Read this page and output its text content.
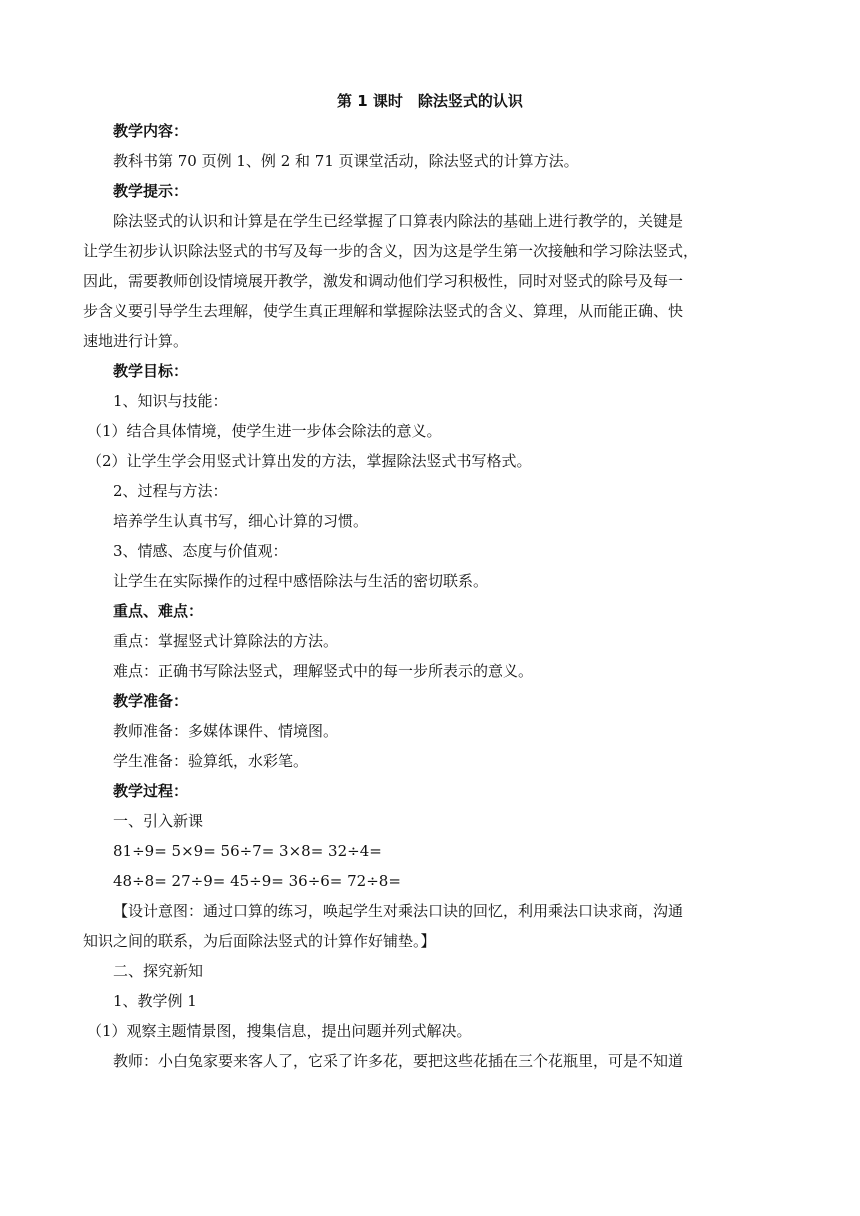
第 1 课时　除法竖式的认识

教学内容：

教科书第 70 页例 1、例 2 和 71 页课堂活动，除法竖式的计算方法。

教学提示：

除法竖式的认识和计算是在学生已经掌握了口算表内除法的基础上进行教学的，关键是

让学生初步认识除法竖式的书写及每一步的含义，因为这是学生第一次接触和学习除法竖式，

因此，需要教师创设情境展开教学，激发和调动他们学习积极性，同时对竖式的除号及每一

步含义要引导学生去理解，使学生真正理解和掌握除法竖式的含义、算理，从而能正确、快

速地进行计算。

教学目标：

1、知识与技能：

（1）结合具体情境，使学生进一步体会除法的意义。

（2）让学生学会用竖式计算出发的方法，掌握除法竖式书写格式。

2、过程与方法：

培养学生认真书写，细心计算的习惯。

3、情感、态度与价值观：

让学生在实际操作的过程中感悟除法与生活的密切联系。

重点、难点：

重点：掌握竖式计算除法的方法。

难点：正确书写除法竖式，理解竖式中的每一步所表示的意义。

教学准备：

教师准备：多媒体课件、情境图。

学生准备：验算纸，水彩笔。

教学过程：

一、引入新课

81÷9= 5×9= 56÷7= 3×8= 32÷4=

48÷8= 27÷9= 45÷9= 36÷6= 72÷8=

【设计意图：通过口算的练习，唤起学生对乘法口诀的回忆，利用乘法口诀求商，沟通

知识之间的联系，为后面除法竖式的计算作好铺垫。】

二、探究新知

1、教学例 1

（1）观察主题情景图，搜集信息，提出问题并列式解决。

教师：小白兔家要来客人了，它采了许多花，要把这些花插在三个花瓶里，可是不知道
